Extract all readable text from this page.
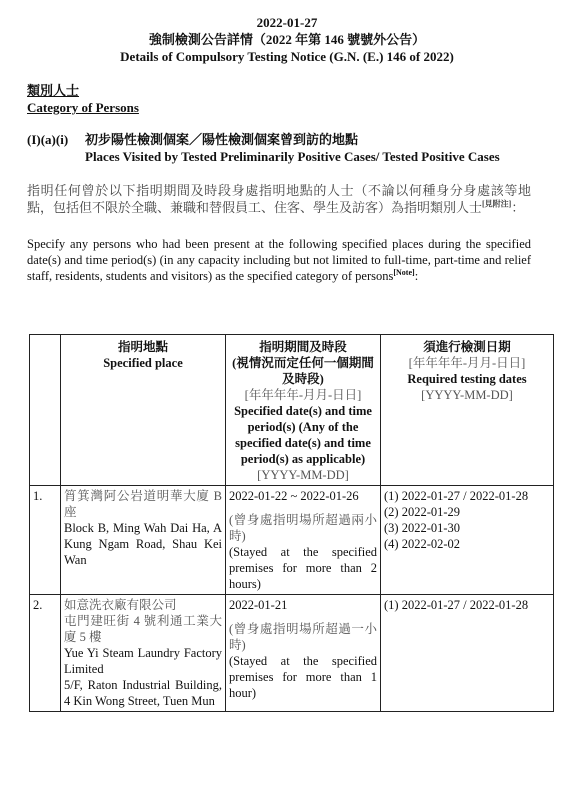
2022-01-27
強制檢測公告詳情（2022 年第 146 號號外公告）
Details of Compulsory Testing Notice (G.N. (E.) 146 of 2022)
類別人士
Category of Persons
(I)(a)(i) 初步陽性檢測個案／陽性檢測個案曾到訪的地點
Places Visited by Tested Preliminarily Positive Cases/ Tested Positive Cases
指明任何曾於以下指明期間及時段身處指明地點的人士（不論以何種身分身處該等地點，包括但不限於全職、兼職和替假員工、住客、學生及訪客）為指明類別人士[見附注]：
Specify any persons who had been present at the following specified places during the specified date(s) and time period(s) (in any capacity including but not limited to full-time, part-time and relief staff, residents, students and visitors) as the specified category of persons[Note]:

	指明地點
Specified place	指明期間及時段
(視情況而定任何一個期間及時段)
[年年年年-月月-日日]
Specified date(s) and time period(s) (Any of the specified date(s) and time period(s) as applicable)
[YYYY-MM-DD]	須進行檢測日期
[年年年年-月月-日日]
Required testing dates
[YYYY-MM-DD]

1.	筲箕灣阿公岩道明華大廈 B 座
Block B, Ming Wah Dai Ha, A Kung Ngam Road, Shau Kei Wan	2022-01-22 ~ 2022-01-26
(曾身處指明場所超過兩小時)
(Stayed at the specified premises for more than 2 hours)	(1) 2022-01-27 / 2022-01-28
(2) 2022-01-29
(3) 2022-01-30
(4) 2022-02-02

2.	如意洗衣廠有限公司
屯門建旺街 4 號利通工業大廈 5 樓
Yue Yi Steam Laundry Factory Limited
5/F, Raton Industrial Building, 4 Kin Wong Street, Tuen Mun	2022-01-21
(曾身處指明場所超過一小時)
(Stayed at the specified premises for more than 1 hour)	(1) 2022-01-27 / 2022-01-28
